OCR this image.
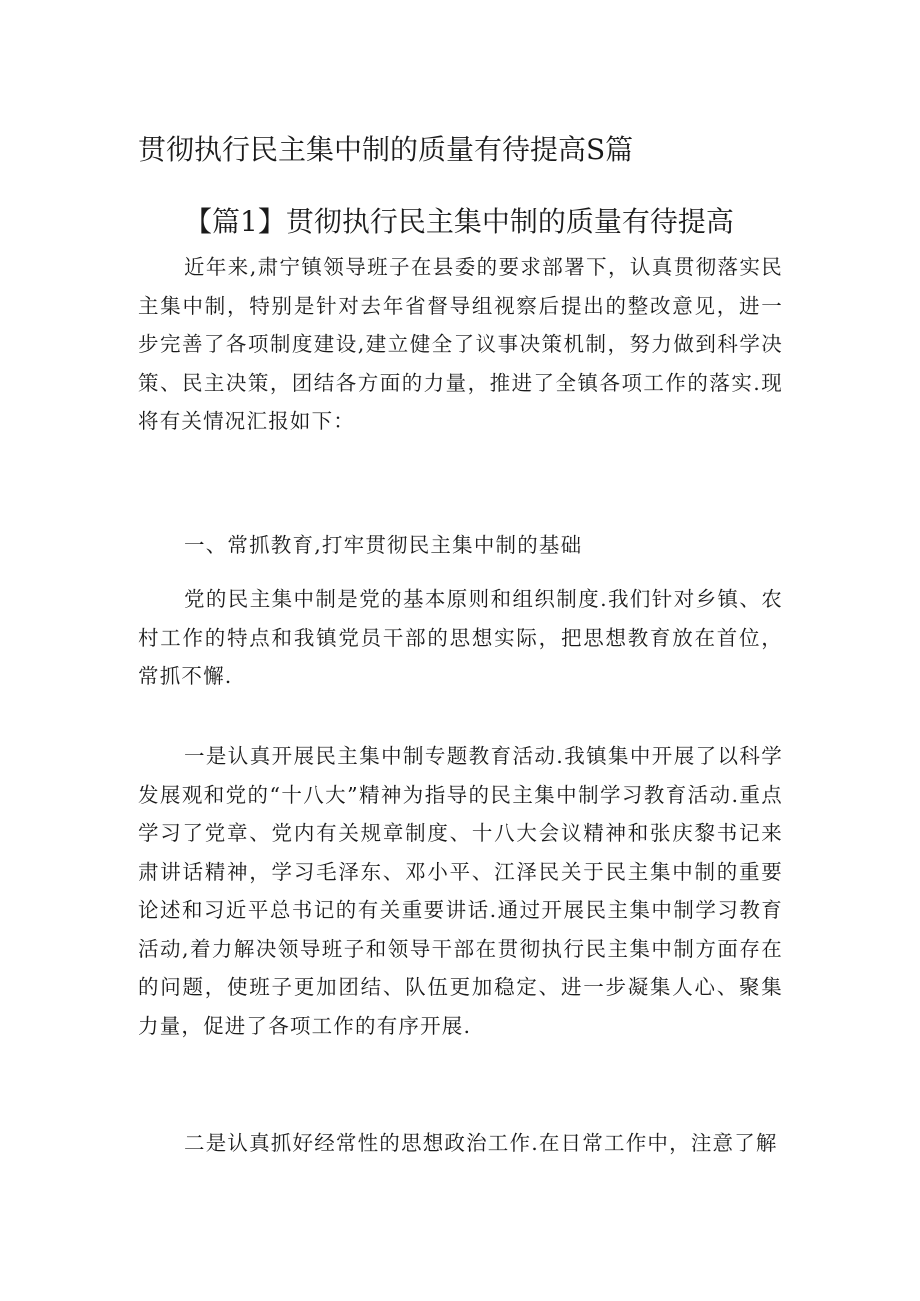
贯彻执行民主集中制的质量有待提高S篇
【篇1】贯彻执行民主集中制的质量有待提高

近年来,肃宁镇领导班子在县委的要求部署下，认真贯彻落实民主集中制，特别是针对去年省督导组视察后提出的整改意见，进一步完善了各项制度建设,建立健全了议事决策机制，努力做到科学决策、民主决策，团结各方面的力量，推进了全镇各项工作的落实.现将有关情况汇报如下：

一、常抓教育,打牢贯彻民主集中制的基础

党的民主集中制是党的基本原则和组织制度.我们针对乡镇、农村工作的特点和我镇党员干部的思想实际，把思想教育放在首位，常抓不懈.

一是认真开展民主集中制专题教育活动.我镇集中开展了以科学发展观和党的“十八大”精神为指导的民主集中制学习教育活动.重点学习了党章、党内有关规章制度、十八大会议精神和张庆黎书记来肃讲话精神，学习毛泽东、邓小平、江泽民关于民主集中制的重要论述和习近平总书记的有关重要讲话.通过开展民主集中制学习教育活动,着力解决领导班子和领导干部在贯彻执行民主集中制方面存在的问题，使班子更加团结、队伍更加稳定、进一步凝集人心、聚集力量，促进了各项工作的有序开展.

二是认真抓好经常性的思想政治工作.在日常工作中，注意了解
